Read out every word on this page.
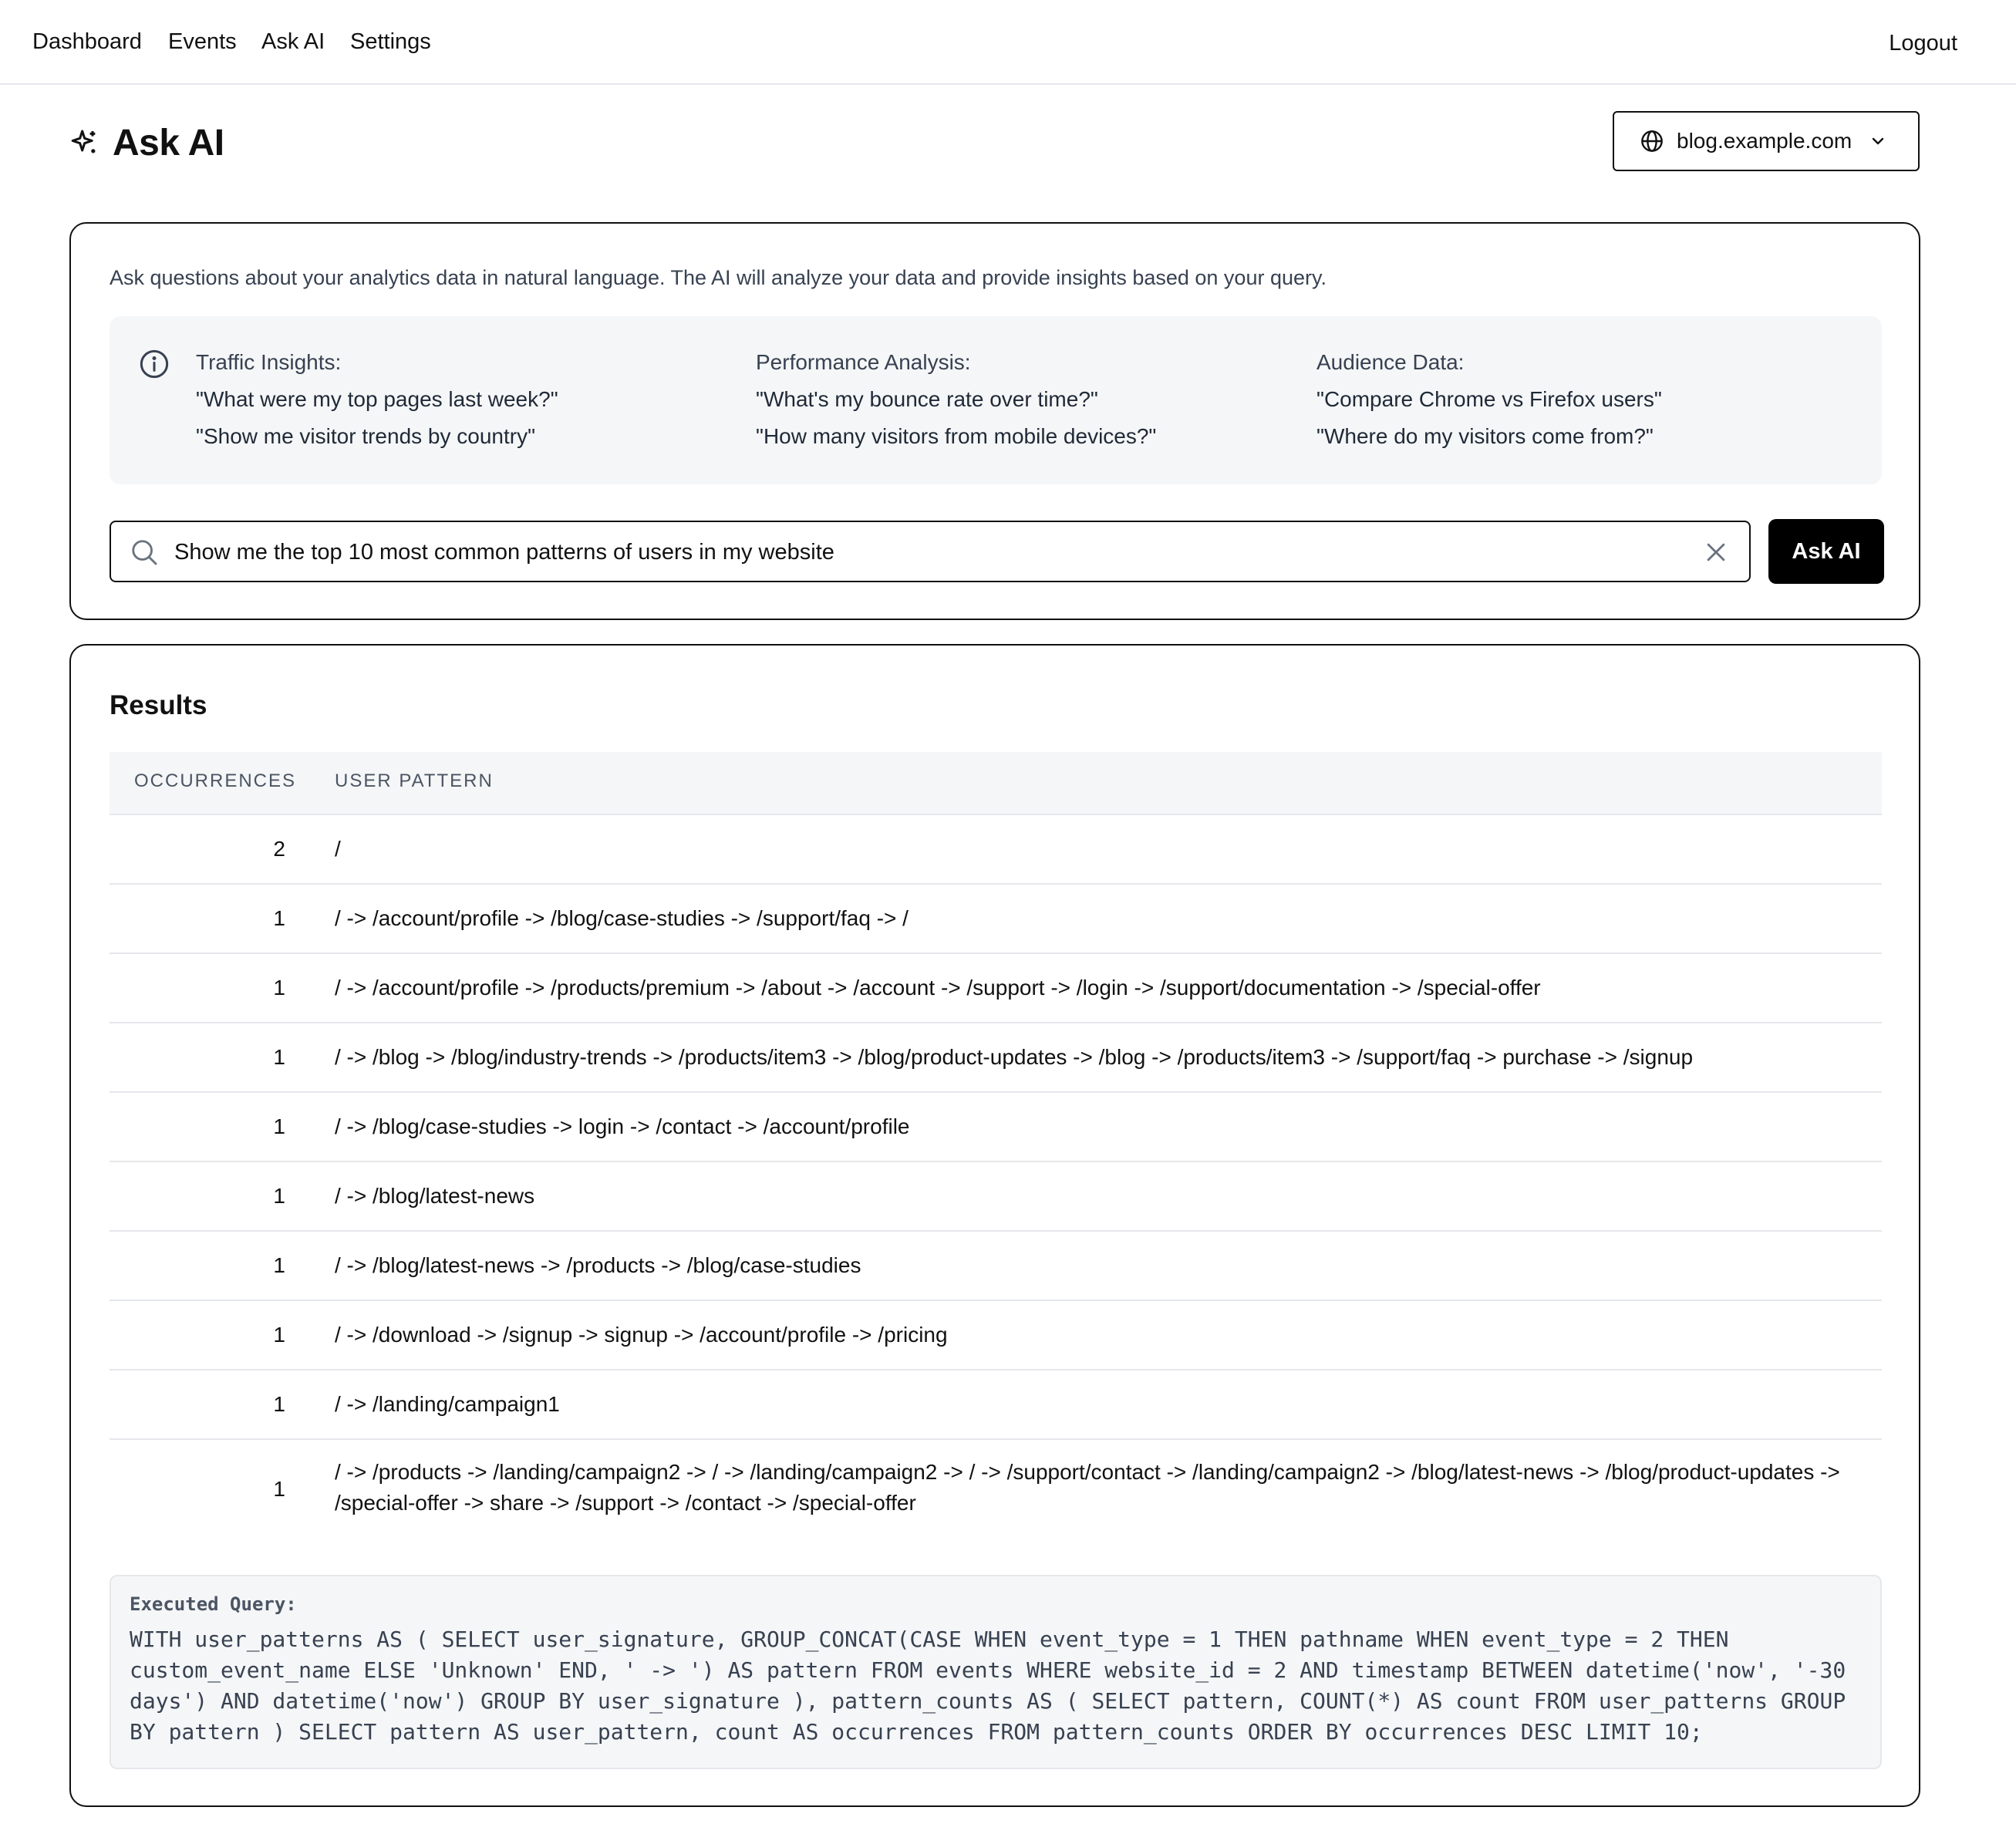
Dashboard Events Ask AI Settings	Logout
Ask AI	blog.example.com
Ask questions about your analytics data in natural language. The AI will analyze your data and provide insights based on your query.
Traffic Insights:
"What were my top pages last week?"
"Show me visitor trends by country"
Performance Analysis:
"What's my bounce rate over time?"
"How many visitors from mobile devices?"
Audience Data:
"Compare Chrome vs Firefox users"
"Where do my visitors come from?"
Show me the top 10 most common patterns of users in my website
Ask AI
Results
OCCURRENCES USER PATTERN
2 /
1 / -> /account/profile -> /blog/case-studies -> /support/faq -> /
1 / -> /account/profile -> /products/premium -> /about -> /account -> /support -> /login -> /support/documentation -> /special-offer
1 / -> /blog -> /blog/industry-trends -> /products/item3 -> /blog/product-updates -> /blog -> /products/item3 -> /support/faq -> purchase -> /signup
1 / -> /blog/case-studies -> login -> /contact -> /account/profile
1 / -> /blog/latest-news
1 / -> /blog/latest-news -> /products -> /blog/case-studies
1 / -> /download -> /signup -> signup -> /account/profile -> /pricing
1 / -> /landing/campaign1
1
/ -> /products -> /landing/campaign2 -> / -> /landing/campaign2 -> / -> /support/contact -> /landing/campaign2 -> /blog/latest-news -> /blog/product-updates -> /special-offer -> share -> /support -> /contact -> /special-offer
Executed Query:
WITH user_patterns AS ( SELECT user_signature, GROUP_CONCAT(CASE WHEN event_type = 1 THEN pathname WHEN event_type = 2 THEN custom_event_name ELSE 'Unknown' END, ' -> ') AS pattern FROM events WHERE website_id = 2 AND timestamp BETWEEN datetime('now', '-30 days') AND datetime('now') GROUP BY user_signature ), pattern_counts AS ( SELECT pattern, COUNT(*) AS count FROM user_patterns GROUP BY pattern ) SELECT pattern AS user_pattern, count AS occurrences FROM pattern_counts ORDER BY occurrences DESC LIMIT 10;
